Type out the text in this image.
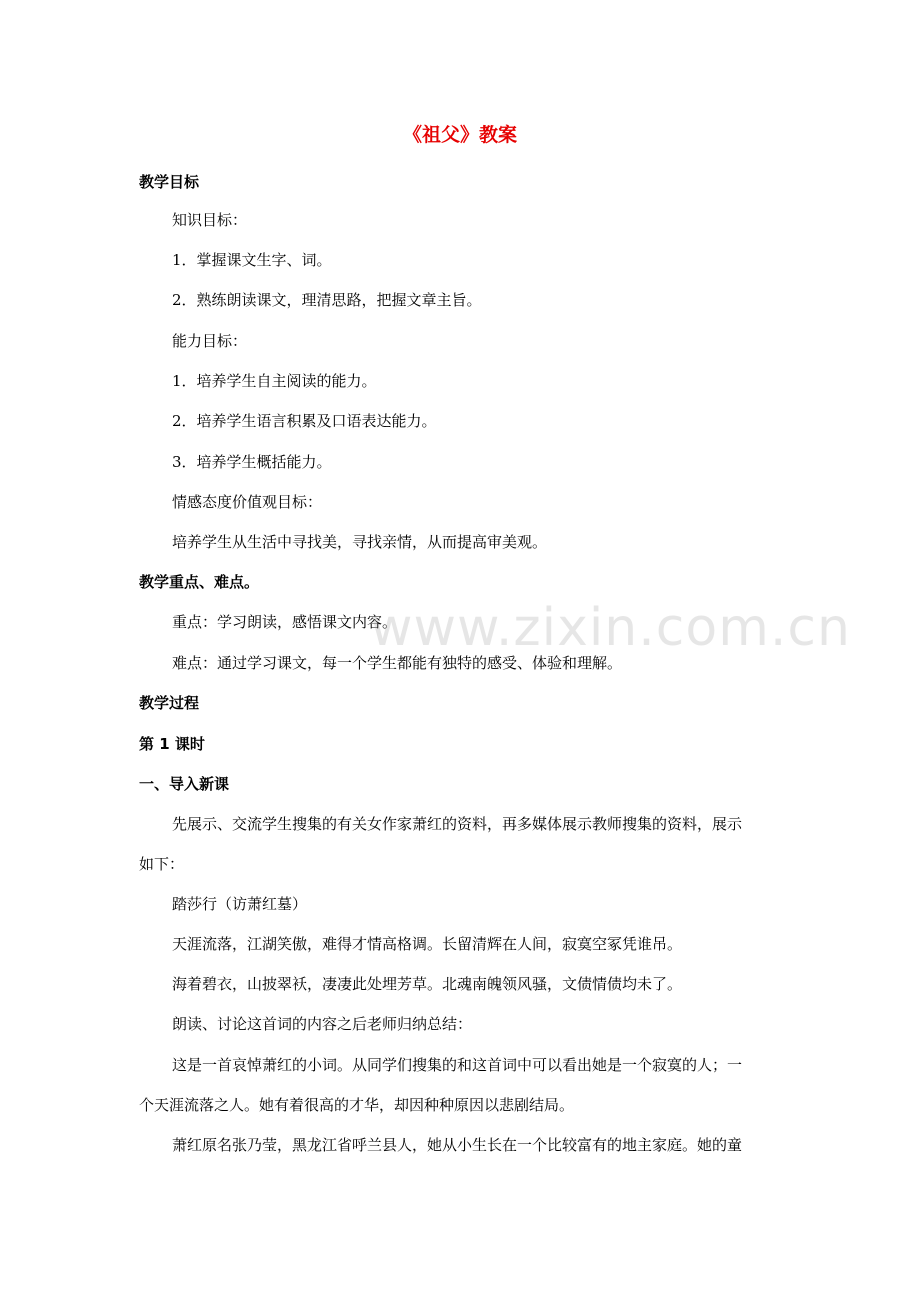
《祖父》教案
教学目标
知识目标：
1．掌握课文生字、词。
2．熟练朗读课文，理清思路，把握文章主旨。
能力目标：
1．培养学生自主阅读的能力。
2．培养学生语言积累及口语表达能力。
3．培养学生概括能力。
情感态度价值观目标：
培养学生从生活中寻找美，寻找亲情，从而提高审美观。
教学重点、难点。
重点：学习朗读，感悟课文内容。
难点：通过学习课文，每一个学生都能有独特的感受、体验和理解。
教学过程
第 1 课时
一、导入新课
先展示、交流学生搜集的有关女作家萧红的资料，再多媒体展示教师搜集的资料，展示
如下：
踏莎行（访萧红墓）
天涯流落，江湖笑傲，难得才情高格调。长留清辉在人间，寂寞空冢凭谁吊。
海着碧衣，山披翠袄，凄凄此处埋芳草。北魂南魄领风骚，文债情债均未了。
朗读、讨论这首词的内容之后老师归纳总结：
这是一首哀悼萧红的小词。从同学们搜集的和这首词中可以看出她是一个寂寞的人；一
个天涯流落之人。她有着很高的才华，却因种种原因以悲剧结局。
萧红原名张乃莹，黑龙江省呼兰县人，她从小生长在一个比较富有的地主家庭。她的童
www.zixin.com.cn
